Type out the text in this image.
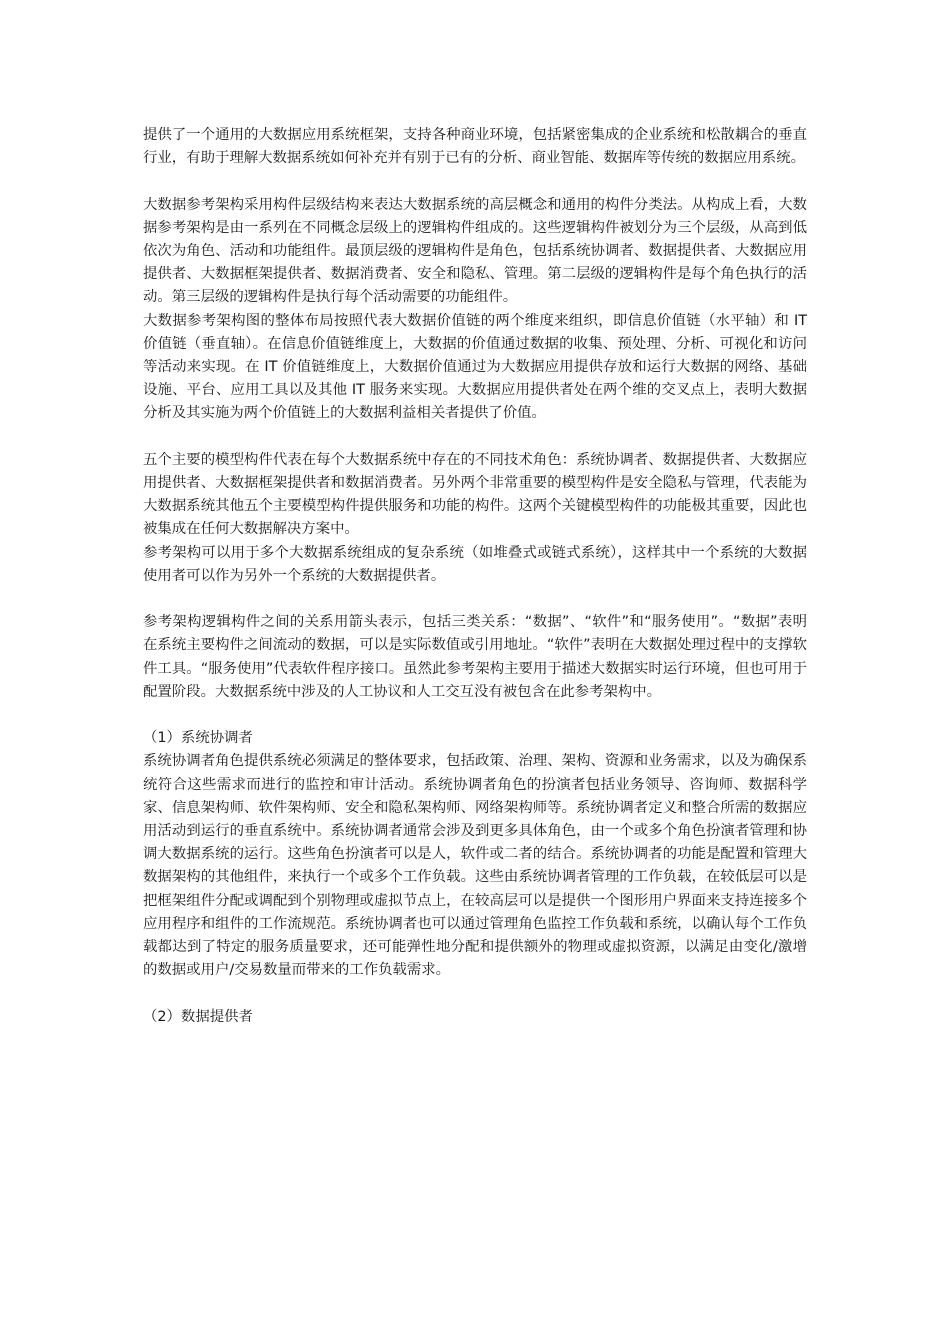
提供了一个通用的大数据应用系统框架，支持各种商业环境，包括紧密集成的企业系统和松散耦合的垂直行业，有助于理解大数据系统如何补充并有别于已有的分析、商业智能、数据库等传统的数据应用系统。

大数据参考架构采用构件层级结构来表达大数据系统的高层概念和通用的构件分类法。从构成上看，大数据参考架构是由一系列在不同概念层级上的逻辑构件组成的。这些逻辑构件被划分为三个层级，从高到低依次为角色、活动和功能组件。最顶层级的逻辑构件是角色，包括系统协调者、数据提供者、大数据应用提供者、大数据框架提供者、数据消费者、安全和隐私、管理。第二层级的逻辑构件是每个角色执行的活动。第三层级的逻辑构件是执行每个活动需要的功能组件。

大数据参考架构图的整体布局按照代表大数据价值链的两个维度来组织，即信息价值链（水平轴）和 IT 价值链（垂直轴）。在信息价值链维度上，大数据的价值通过数据的收集、预处理、分析、可视化和访问等活动来实现。在 IT 价值链维度上，大数据价值通过为大数据应用提供存放和运行大数据的网络、基础设施、平台、应用工具以及其他 IT 服务来实现。大数据应用提供者处在两个维的交叉点上，表明大数据分析及其实施为两个价值链上的大数据利益相关者提供了价值。

五个主要的模型构件代表在每个大数据系统中存在的不同技术角色：系统协调者、数据提供者、大数据应用提供者、大数据框架提供者和数据消费者。另外两个非常重要的模型构件是安全隐私与管理，代表能为大数据系统其他五个主要模型构件提供服务和功能的构件。这两个关键模型构件的功能极其重要，因此也被集成在任何大数据解决方案中。

参考架构可以用于多个大数据系统组成的复杂系统（如堆叠式或链式系统），这样其中一个系统的大数据使用者可以作为另外一个系统的大数据提供者。

参考架构逻辑构件之间的关系用箭头表示，包括三类关系：“数据”、“软件”和“服务使用”。“数据”表明在系统主要构件之间流动的数据，可以是实际数值或引用地址。“软件”表明在大数据处理过程中的支撑软件工具。“服务使用”代表软件程序接口。虽然此参考架构主要用于描述大数据实时运行环境，但也可用于配置阶段。大数据系统中涉及的人工协议和人工交互没有被包含在此参考架构中。

（1）系统协调者

系统协调者角色提供系统必须满足的整体要求，包括政策、治理、架构、资源和业务需求，以及为确保系统符合这些需求而进行的监控和审计活动。系统协调者角色的扮演者包括业务领导、咨询师、数据科学家、信息架构师、软件架构师、安全和隐私架构师、网络架构师等。系统协调者定义和整合所需的数据应用活动到运行的垂直系统中。系统协调者通常会涉及到更多具体角色，由一个或多个角色扮演者管理和协调大数据系统的运行。这些角色扮演者可以是人，软件或二者的结合。系统协调者的功能是配置和管理大数据架构的其他组件，来执行一个或多个工作负载。这些由系统协调者管理的工作负载，在较低层可以是把框架组件分配或调配到个别物理或虚拟节点上，在较高层可以是提供一个图形用户界面来支持连接多个应用程序和组件的工作流规范。系统协调者也可以通过管理角色监控工作负载和系统，以确认每个工作负载都达到了特定的服务质量要求，还可能弹性地分配和提供额外的物理或虚拟资源，以满足由变化/激增的数据或用户/交易数量而带来的工作负载需求。

（2）数据提供者
